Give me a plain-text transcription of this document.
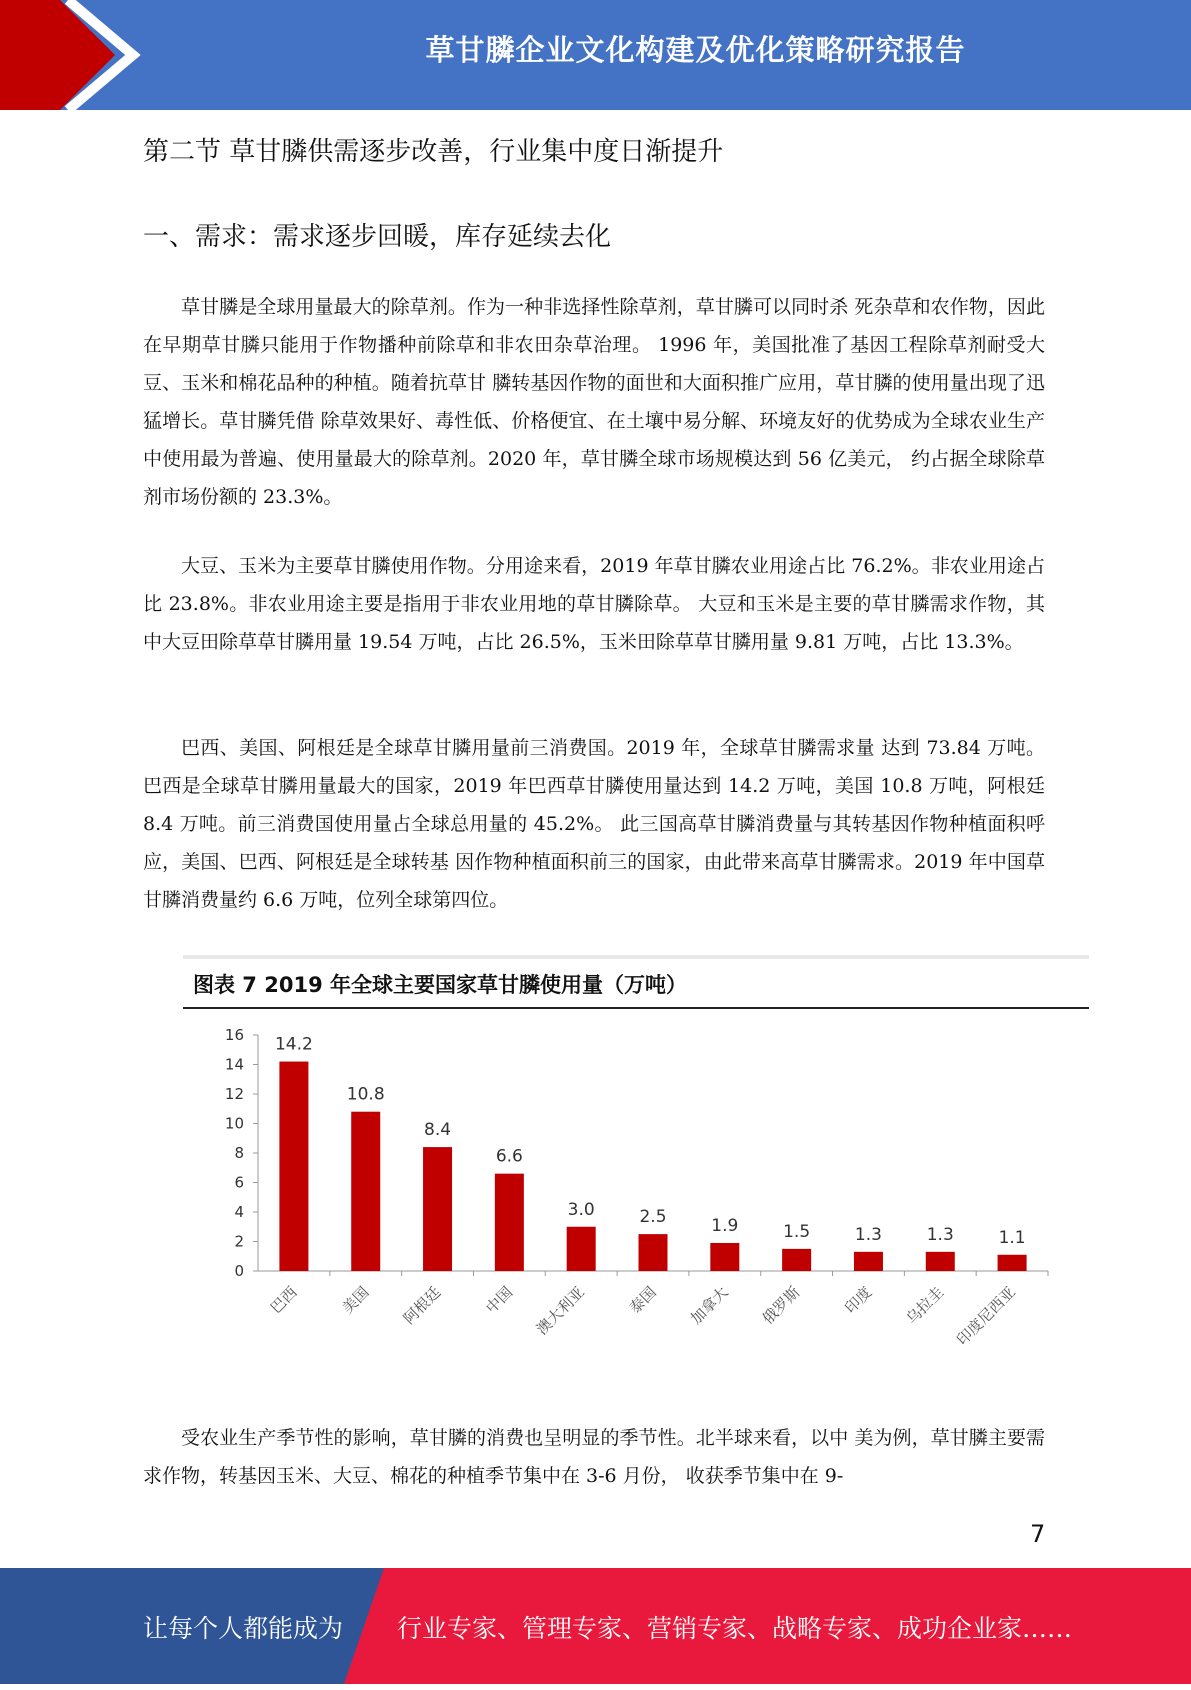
草甘膦企业文化构建及优化策略研究报告
第二节 草甘膦供需逐步改善，行业集中度日渐提升
一、需求：需求逐步回暖，库存延续去化
草甘膦是全球用量最大的除草剂。作为一种非选择性除草剂，草甘膦可以同时杀 死杂草和农作物，因此在早期草甘膦只能用于作物播种前除草和非农田杂草治理。 1996 年，美国批准了基因工程除草剂耐受大豆、玉米和棉花品种的种植。随着抗草甘 膦转基因作物的面世和大面积推广应用，草甘膦的使用量出现了迅猛增长。草甘膦凭借 除草效果好、毒性低、价格便宜、在土壤中易分解、环境友好的优势成为全球农业生产 中使用最为普遍、使用量最大的除草剂。2020 年，草甘膦全球市场规模达到 56 亿美元， 约占据全球除草剂市场份额的 23.3%。
大豆、玉米为主要草甘膦使用作物。分用途来看，2019 年草甘膦农业用途占比 76.2%。非农业用途占比 23.8%。非农业用途主要是指用于非农业用地的草甘膦除草。 大豆和玉米是主要的草甘膦需求作物，其中大豆田除草草甘膦用量 19.54 万吨，占比 26.5%，玉米田除草草甘膦用量 9.81 万吨，占比 13.3%。
巴西、美国、阿根廷是全球草甘膦用量前三消费国。2019 年，全球草甘膦需求量 达到 73.84 万吨。巴西是全球草甘膦用量最大的国家，2019 年巴西草甘膦使用量达到 14.2 万吨，美国 10.8 万吨，阿根廷 8.4 万吨。前三消费国使用量占全球总用量的 45.2%。 此三国高草甘膦消费量与其转基因作物种植面积呼应，美国、巴西、阿根廷是全球转基 因作物种植面积前三的国家，由此带来高草甘膦需求。2019 年中国草甘膦消费量约 6.6 万吨，位列全球第四位。
图表 7 2019 年全球主要国家草甘膦使用量（万吨）
0
2
4
6
8
10
12
14
16 14.2
巴西
10.8
美国
8.4
阿根廷
6.6
中国
3.0
澳大利亚
2.5
泰国
1.9
加拿大
1.5
俄罗斯
1.3
印度
1.3
乌拉圭
1.1
印度尼西亚
受农业生产季节性的影响，草甘膦的消费也呈明显的季节性。北半球来看，以中 美为例，草甘膦主要需求作物，转基因玉米、大豆、棉花的种植季节集中在 3-6 月份， 收获季节集中在 9-
7
让每个人都能成为 行业专家、管理专家、营销专家、战略专家、成功企业家……
